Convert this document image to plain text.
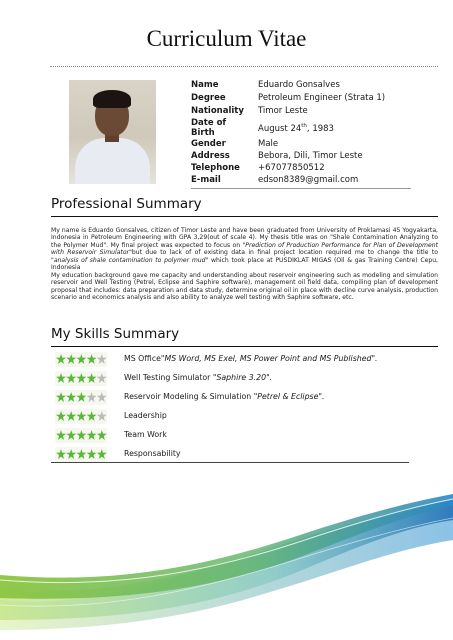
Curriculum Vitae
Name	Eduardo Gonsalves
Degree	Petroleum Engineer (Strata 1)
Nationality	Timor Leste
Date of Birth	August 24th, 1983
Gender	Male
Address	Bebora, Dili, Timor Leste
Telephone	+67077850512
E-mail	edson8389@gmail.com
Professional Summary
My name is Eduardo Gonsalves, citizen of Timor Leste and have been graduated from University of Proklamasi 45 Yogyakarta, Indonesia in Petroleum Engineering with GPA 3,29(out of scale 4). My thesis title was on "Shale Contamination Analyzing to the Polymer Mud". My final project was expected to focus on "Prediction of Production Performance for Plan of Development with Reservoir Simulator"but due to lack of of existing data in final project location required me to change the title to "analysis of shale contamination to polymer mud" which took place at PUSDIKLAT MIGAS (Oil & gas Training Centre) Cepu, Indonesia
My education background gave me capacity and understanding about reservoir engineering such as modeling and simulation reservoir and Well Testing (Petrel, Eclipse and Saphire software), management oil field data, compiling plan of development proposal that includes: data preparation and data study, determine original oil in place with decline curve analysis, production scenario and economics analysis and also ability to analyze well testing with Saphire software, etc.
My Skills Summary
MS Office"MS Word, MS Exel, MS Power Point and MS Published".
Well Testing Simulator "Saphire 3.20".
Reservoir Modeling & Simulation "Petrel & Eclipse".
Leadership
Team Work
Responsability
